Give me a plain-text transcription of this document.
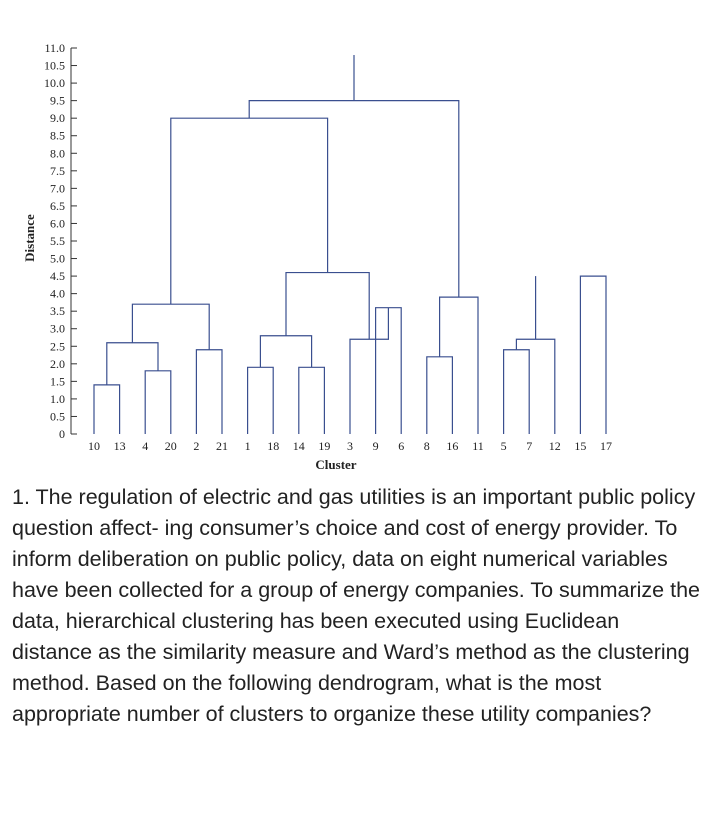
0
0.5
1.0
1.5
2.0
2.5
3.0
3.5
4.0
4.5
5.0
5.5
6.0
6.5
7.0
7.5
8.0
8.5
9.0
9.5
10.0
10.5
11.0
10 13 4 20 2 21 1 18 14 19 3 9 6 8 16 11 5 7 12 15 17
Cluster
Distance

1. The regulation of electric and gas utilities is an important public policy question affect- ing consumer’s choice and cost of energy provider. To inform deliberation on public policy, data on eight numerical variables have been collected for a group of energy companies. To summarize the data, hierarchical clustering has been executed using Euclidean distance as the similarity measure and Ward’s method as the clustering method. Based on the following dendrogram, what is the most appropriate number of clusters to organize these utility companies?
